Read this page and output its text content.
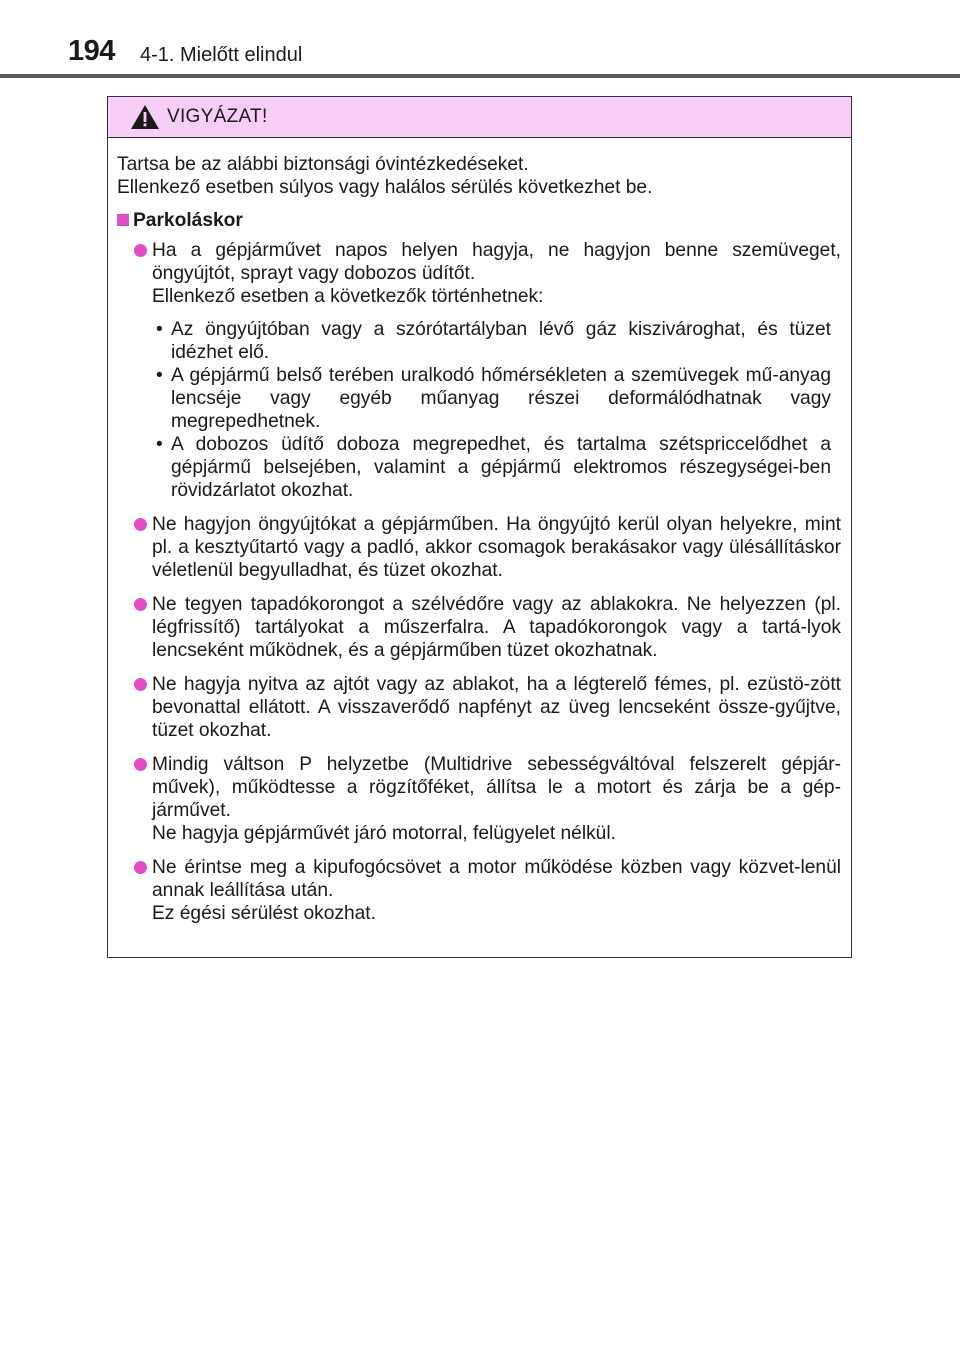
194 4-1. Mielőtt elindul
VIGYÁZAT!
Tartsa be az alábbi biztonsági óvintézkedéseket.
Ellenkező esetben súlyos vagy halálos sérülés következhet be.
Parkoláskor

Ha a gépjárművet napos helyen hagyja, ne hagyjon benne szemüveget, öngyújtót, sprayt vagy dobozos üdítőt.

Ellenkező esetben a következők történhetnek:

• Az öngyújtóban vagy a szórótartályban lévő gáz kiszivároghat, és tüzet idézhet elő.
• A gépjármű belső terében uralkodó hőmérsékleten a szemüvegek mű-anyag lencséje vagy egyéb műanyag részei deformálódhatnak vagy megrepedhetnek.
• A dobozos üdítő doboza megrepedhet, és tartalma szétspriccelődhet a gépjármű belsejében, valamint a gépjármű elektromos részegységei-ben rövidzárlatot okozhat.

Ne hagyjon öngyújtókat a gépjárműben. Ha öngyújtó kerül olyan helyekre, mint pl. a kesztyűtartó vagy a padló, akkor csomagok berakásakor vagy ülésállításkor véletlenül begyulladhat, és tüzet okozhat.

Ne tegyen tapadókorongot a szélvédőre vagy az ablakokra. Ne helyezzen (pl. légfrissítő) tartályokat a műszerfalra. A tapadókorongok vagy a tartá-lyok lencseként működnek, és a gépjárműben tüzet okozhatnak.

Ne hagyja nyitva az ajtót vagy az ablakot, ha a légterelő fémes, pl. ezüstö-zött bevonattal ellátott. A visszaverődő napfényt az üveg lencseként össze-gyűjtve, tüzet okozhat.

Mindig váltson P helyzetbe (Multidrive sebességváltóval felszerelt gépjár-művek), működtesse a rögzítőféket, állítsa le a motort és zárja be a gép-járművet.

Ne hagyja gépjárművét járó motorral, felügyelet nélkül.

Ne érintse meg a kipufogócsövet a motor működése közben vagy közvet-lenül annak leállítása után.

Ez égési sérülést okozhat.
